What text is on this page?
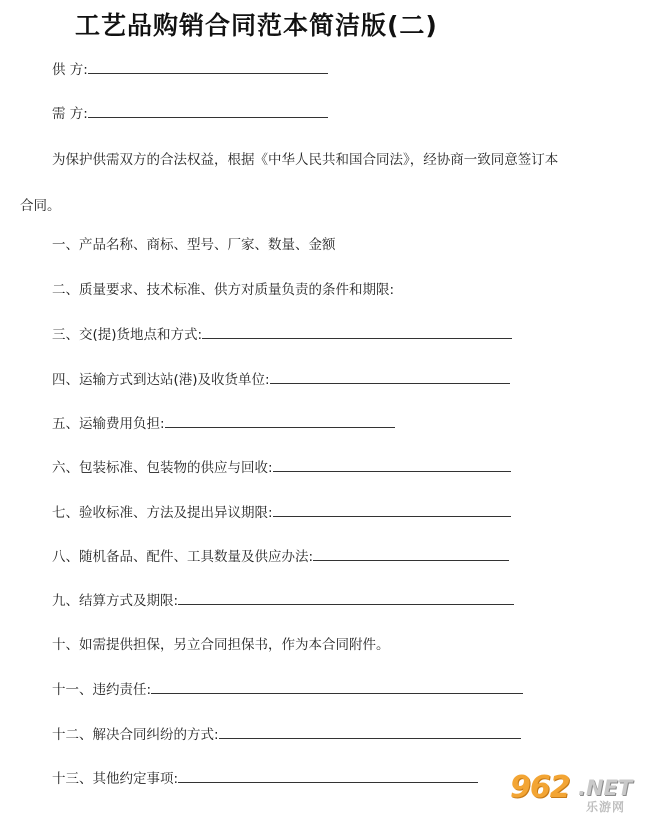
工艺品购销合同范本简洁版(二)
供 方:
需 方:
为保护供需双方的合法权益，根据《中华人民共和国合同法》，经协商一致同意签订本
合同。
一、产品名称、商标、型号、厂家、数量、金额
二、质量要求、技术标准、供方对质量负责的条件和期限:
三、交(提)货地点和方式:
四、运输方式到达站(港)及收货单位:
五、运输费用负担:
六、包装标准、包装物的供应与回收:
七、验收标准、方法及提出异议期限:
八、随机备品、配件、工具数量及供应办法:
九、结算方式及期限:
十、如需提供担保，另立合同担保书，作为本合同附件。
十一、违约责任:
十二、解决合同纠纷的方式:
十三、其他约定事项:	962 .NET
乐游网
